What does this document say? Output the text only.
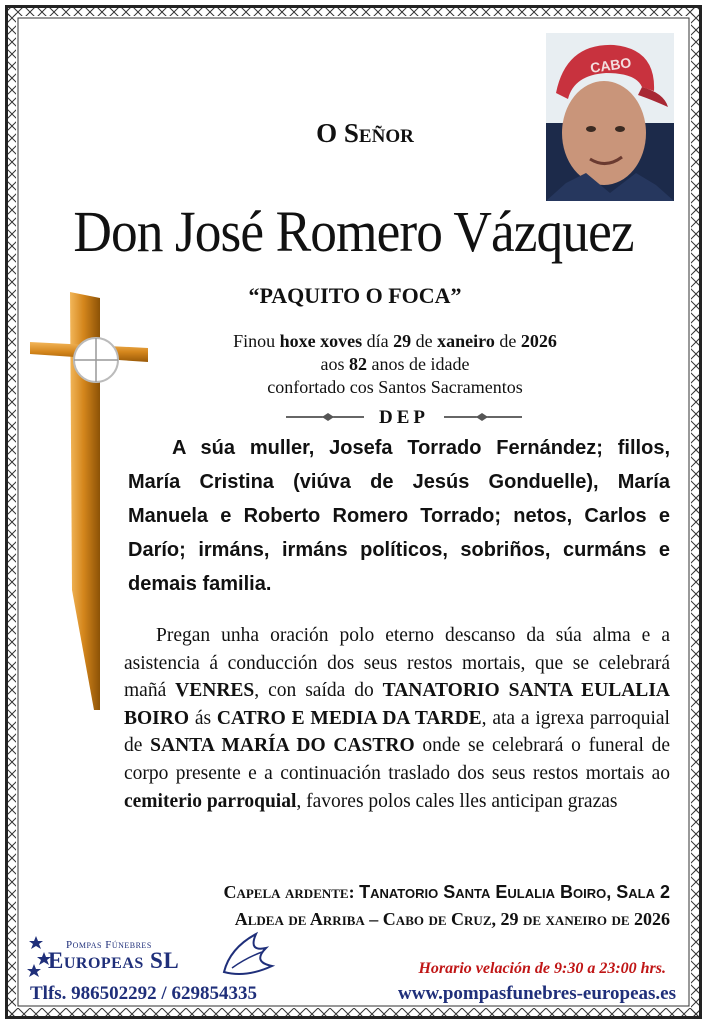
O Señor
CABO
Don José Romero Vázquez
“PAQUITO O FOCA”
Finou hoxe xoves día 29 de xaneiro de 2026
aos 82 anos de idade
confortado cos Santos Sacramentos
DEP
A súa muller, Josefa Torrado Fernández; fillos, María Cristina (viúva de Jesús Gonduelle), María Manuela e Roberto Romero Torrado; netos, Carlos e Darío; irmáns, irmáns políticos, sobriños, curmáns e demais familia.
Pregan unha oración polo eterno descanso da súa alma e a asistencia á conducción dos seus restos mortais, que se celebrará mañá VENRES, con saída do TANATORIO SANTA EULALIA BOIRO ás CATRO E MEDIA DA TARDE, ata a igrexa parroquial de SANTA MARÍA DO CASTRO onde se celebrará o funeral de corpo presente e a continuación traslado dos seus restos mortais ao cemiterio parroquial, favores polos cales lles anticipan grazas
Capela ardente: Tanatorio Santa Eulalia Boiro, Sala 2
Aldea de Arriba – Cabo de Cruz, 29 de xaneiro de 2026
Pompas Fúnebres
Europeas SL	Horario velación de 9:30 a 23:00 hrs.
Tlfs. 986502292 / 629854335	www.pompasfunebres-europeas.es
